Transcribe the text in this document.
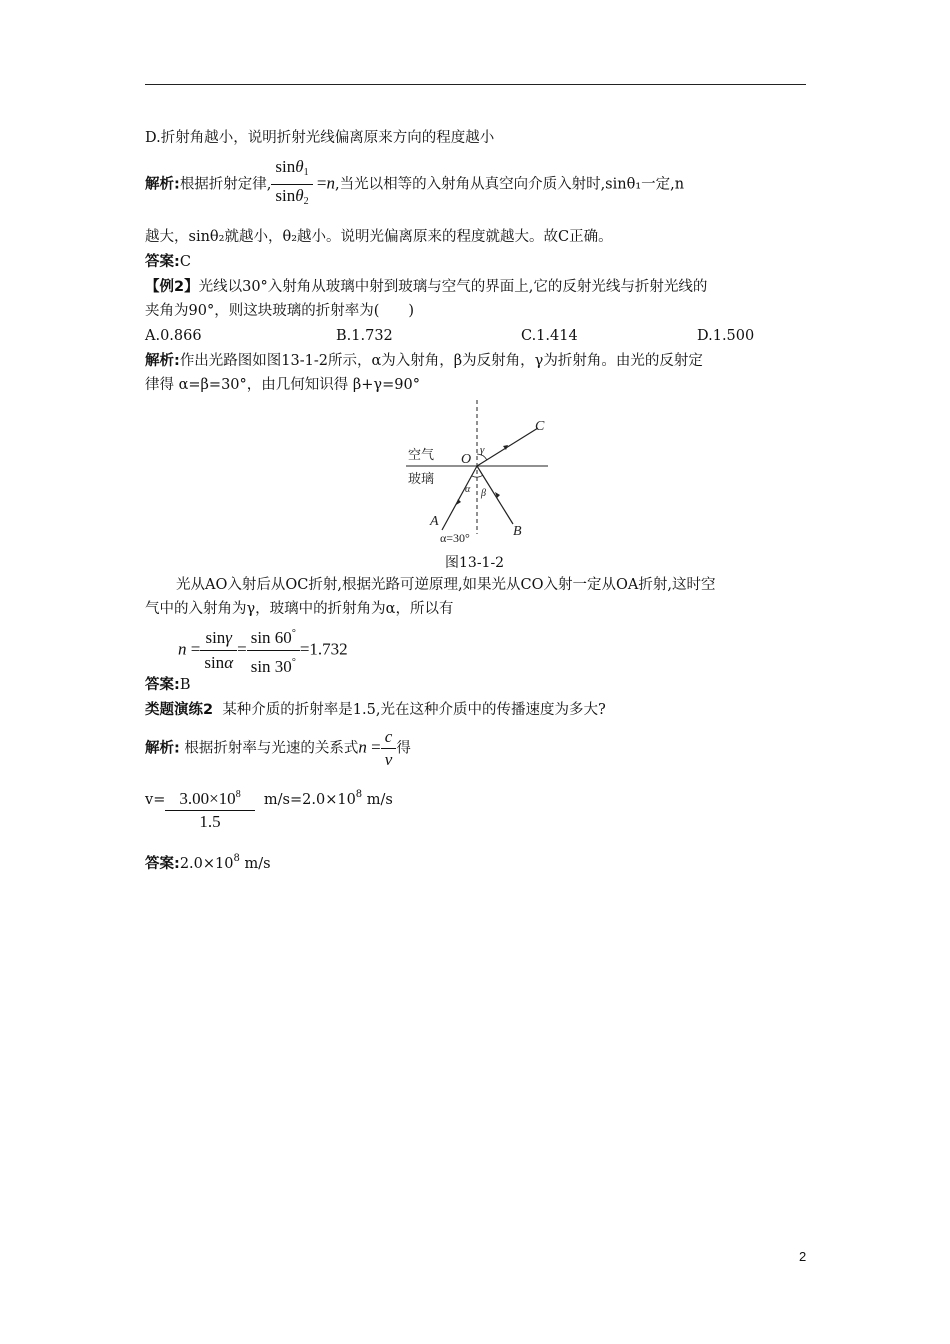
D.折射角越小，说明折射光线偏离原来方向的程度越小
解析:根据折射定律, $\frac{\sin\theta_1}{\sin\theta_2} =n$,当光以相等的入射角从真空向介质入射时,sinθ₁一定,n
越大，sinθ₂就越小，θ₂越小。说明光偏离原来的程度就越大。故C正确。
答案:C
【例2】光线以30°入射角从玻璃中射到玻璃与空气的界面上,它的反射光线与折射光线的
夹角为90°，则这块玻璃的折射率为(　　)
A.0.866	B.1.732	C.1.414	D.1.500
解析:作出光路图如图13-1-2所示，α为入射角，β为反射角，γ为折射角。由光的反射定
律得 α=β=30°，由几何知识得 β+γ=90°
空气
玻璃
O
γ
C
α β
A
B
α=30°
图13-1-2
光从AO入射后从OC折射,根据光路可逆原理,如果光从CO入射一定从OA折射,这时空
气中的入射角为γ，玻璃中的折射角为α，所以有
$n = \frac{\sin\gamma}{\sin\alpha} = \frac{\sin 60^\circ}{\sin 30^\circ} =1.732$
答案:B
类题演练2 某种介质的折射率是1.5,光在这种介质中的传播速度为多大?
解析: 根据折射率与光速的关系式$n = \frac{c}{v}$ 得
$v= \frac{3.00\times 10^8}{1.5} m/s=2.0\times 10^8$ m/s
答案$:2.0\times 10^8$ m/s
2
